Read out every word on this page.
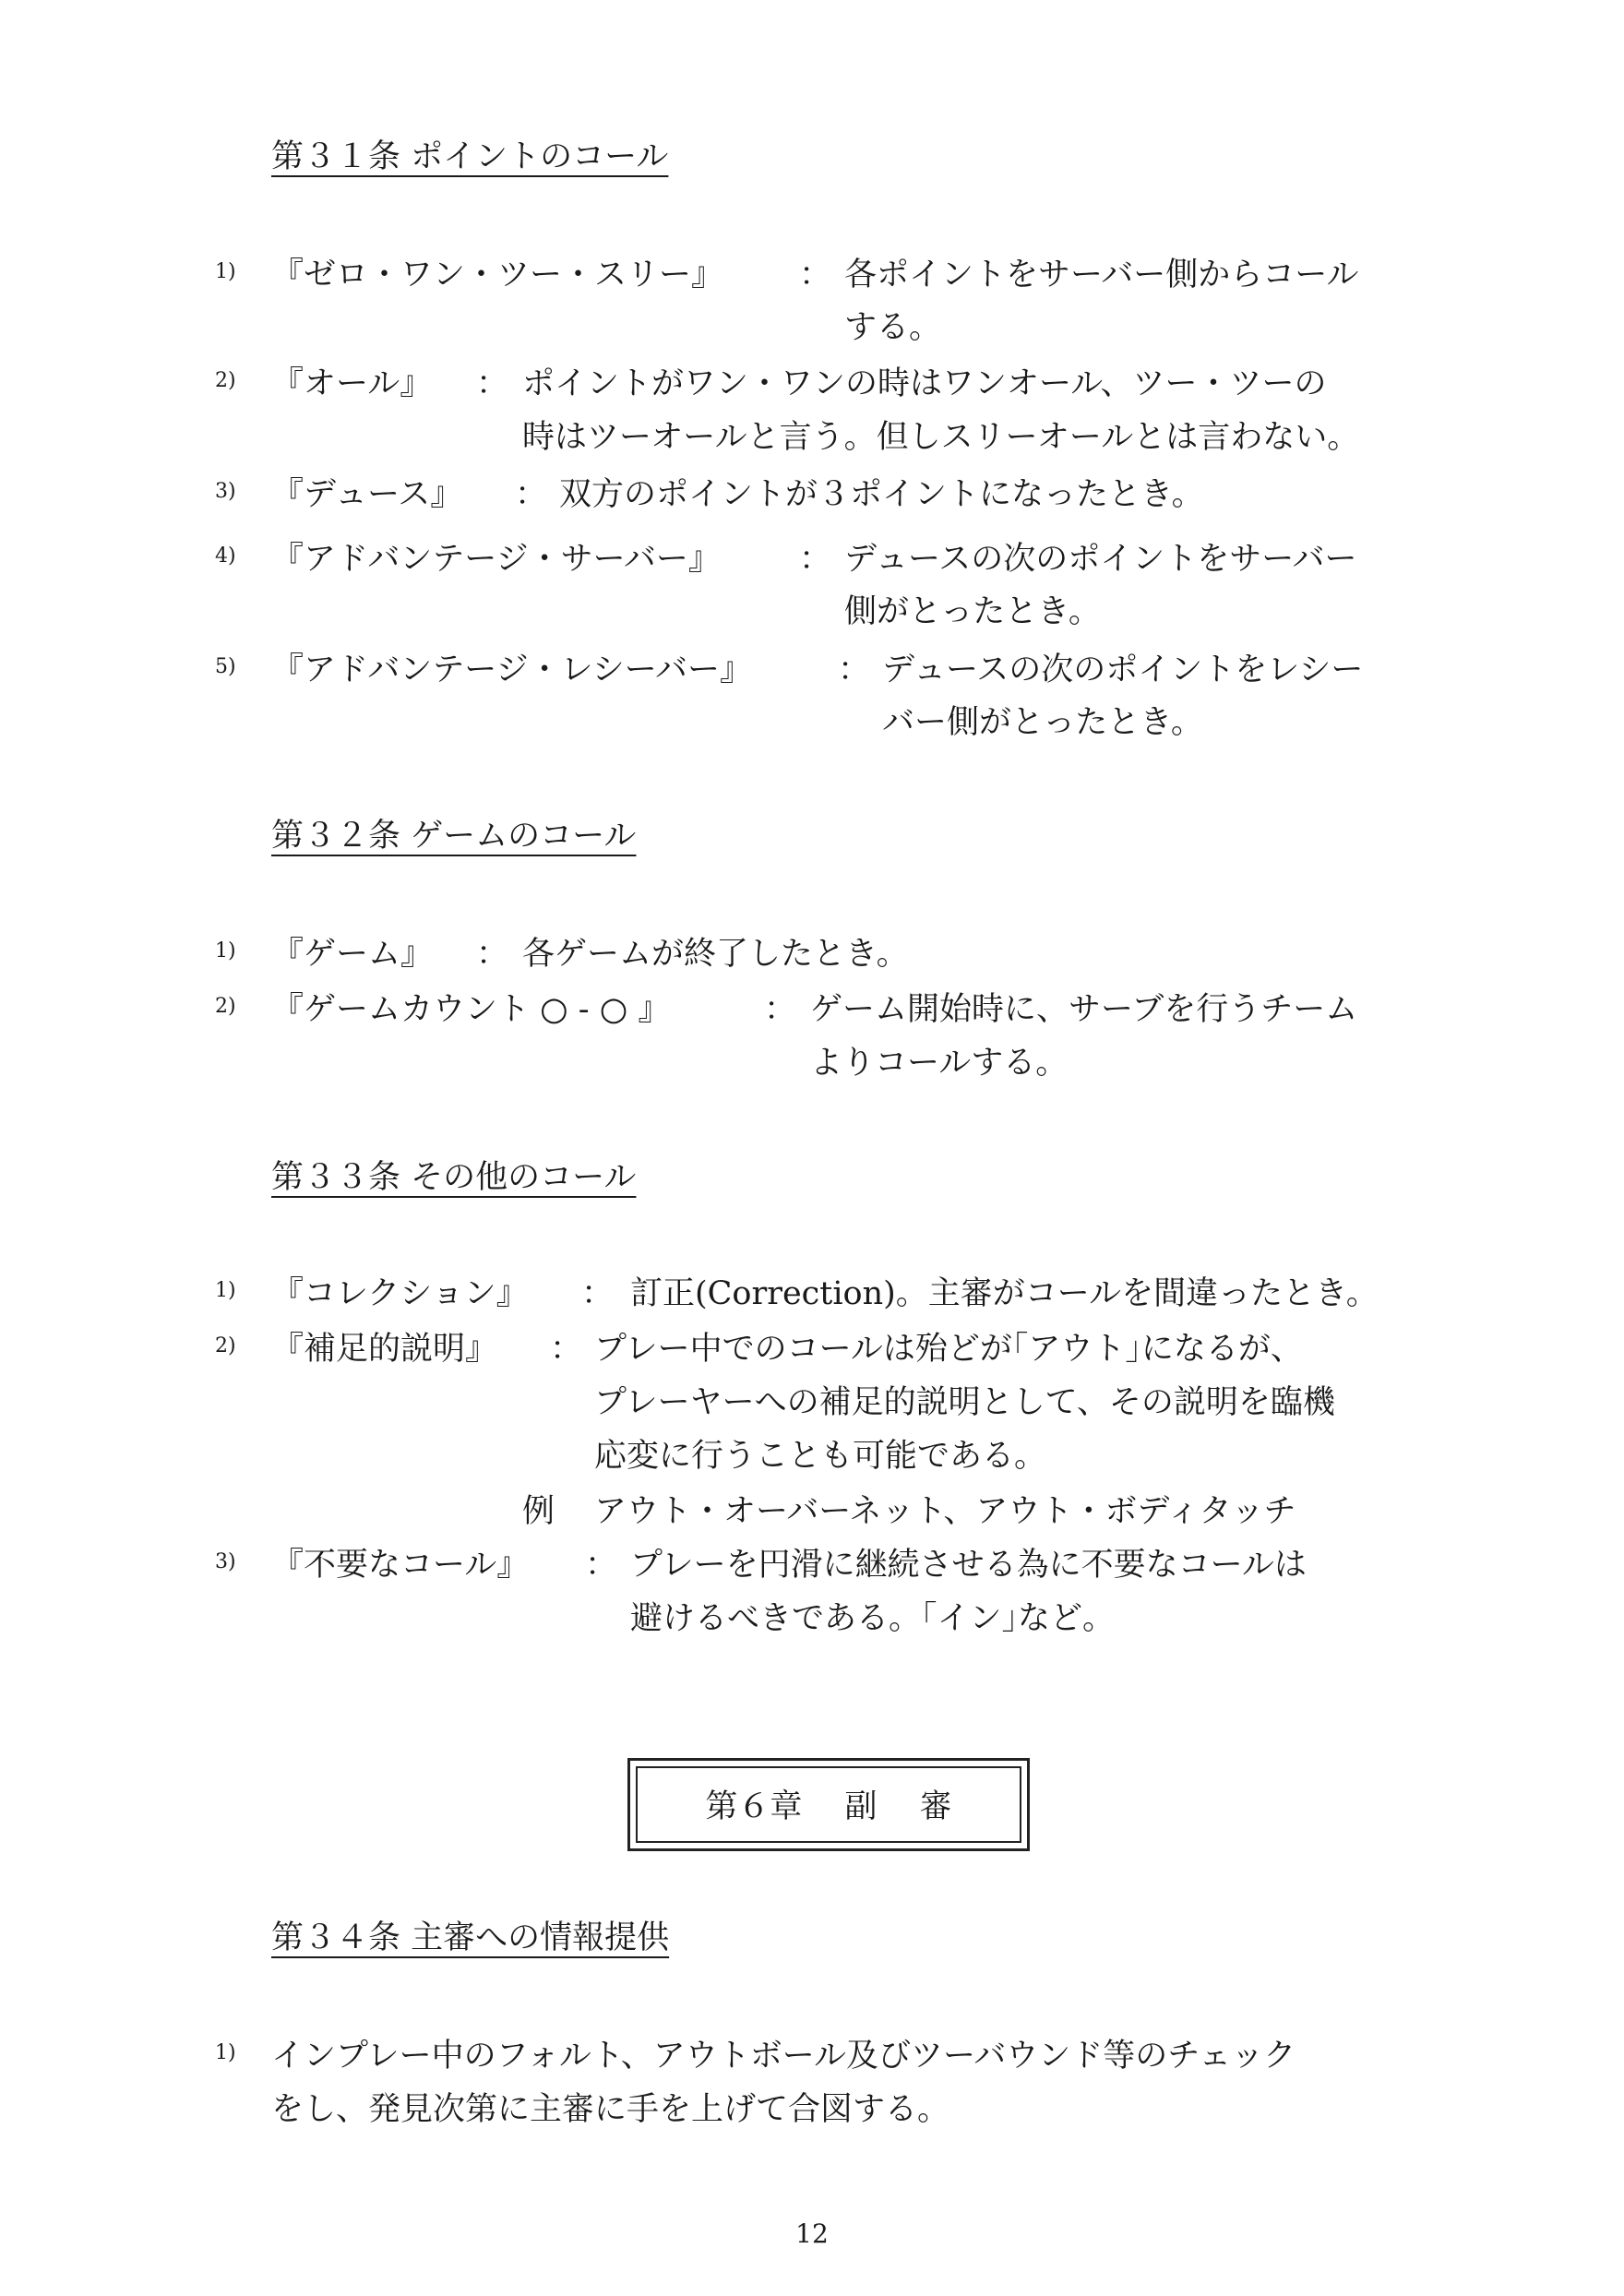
第３１条 ポイントのコール
1) 『ゼロ・ワン・ツー・スリー』 ： 各ポイントをサーバー側からコール
する。
2) 『オール』 ： ポイントがワン・ワンの時はワンオール、ツー・ツーの
時はツーオールと言う。但しスリーオールとは言わない。
3) 『デュース』 ： 双方のポイントが３ポイントになったとき。
4) 『アドバンテージ・サーバー』 ： デュースの次のポイントをサーバー
側がとったとき。
5) 『アドバンテージ・レシーバー』	： デュースの次のポイントをレシー
バー側がとったとき。
第３２条 ゲームのコール
1) 『ゲーム』 ： 各ゲームが終了したとき。
2) 『ゲームカウント ○ - ○ 』	： ゲーム開始時に、サーブを行うチーム
よりコールする。
第３３条 その他のコール
1) 『コレクション』 ： 訂正(Correction)。主審がコールを間違ったとき。
2) 『補足的説明』 ： プレー中でのコールは殆どが｢アウト｣になるが、
プレーヤーへの補足的説明として、その説明を臨機
応変に行うことも可能である。
例 アウト・オーバーネット、アウト・ボディタッチ
3) 『不要なコール』 ： プレーを円滑に継続させる為に不要なコールは
避けるべきである。｢イン｣など。
第６章　 副　 審
第３４条 主審への情報提供
1) インプレー中のフォルト、アウトボール及びツーバウンド等のチェック
をし、発見次第に主審に手を上げて合図する。
12
